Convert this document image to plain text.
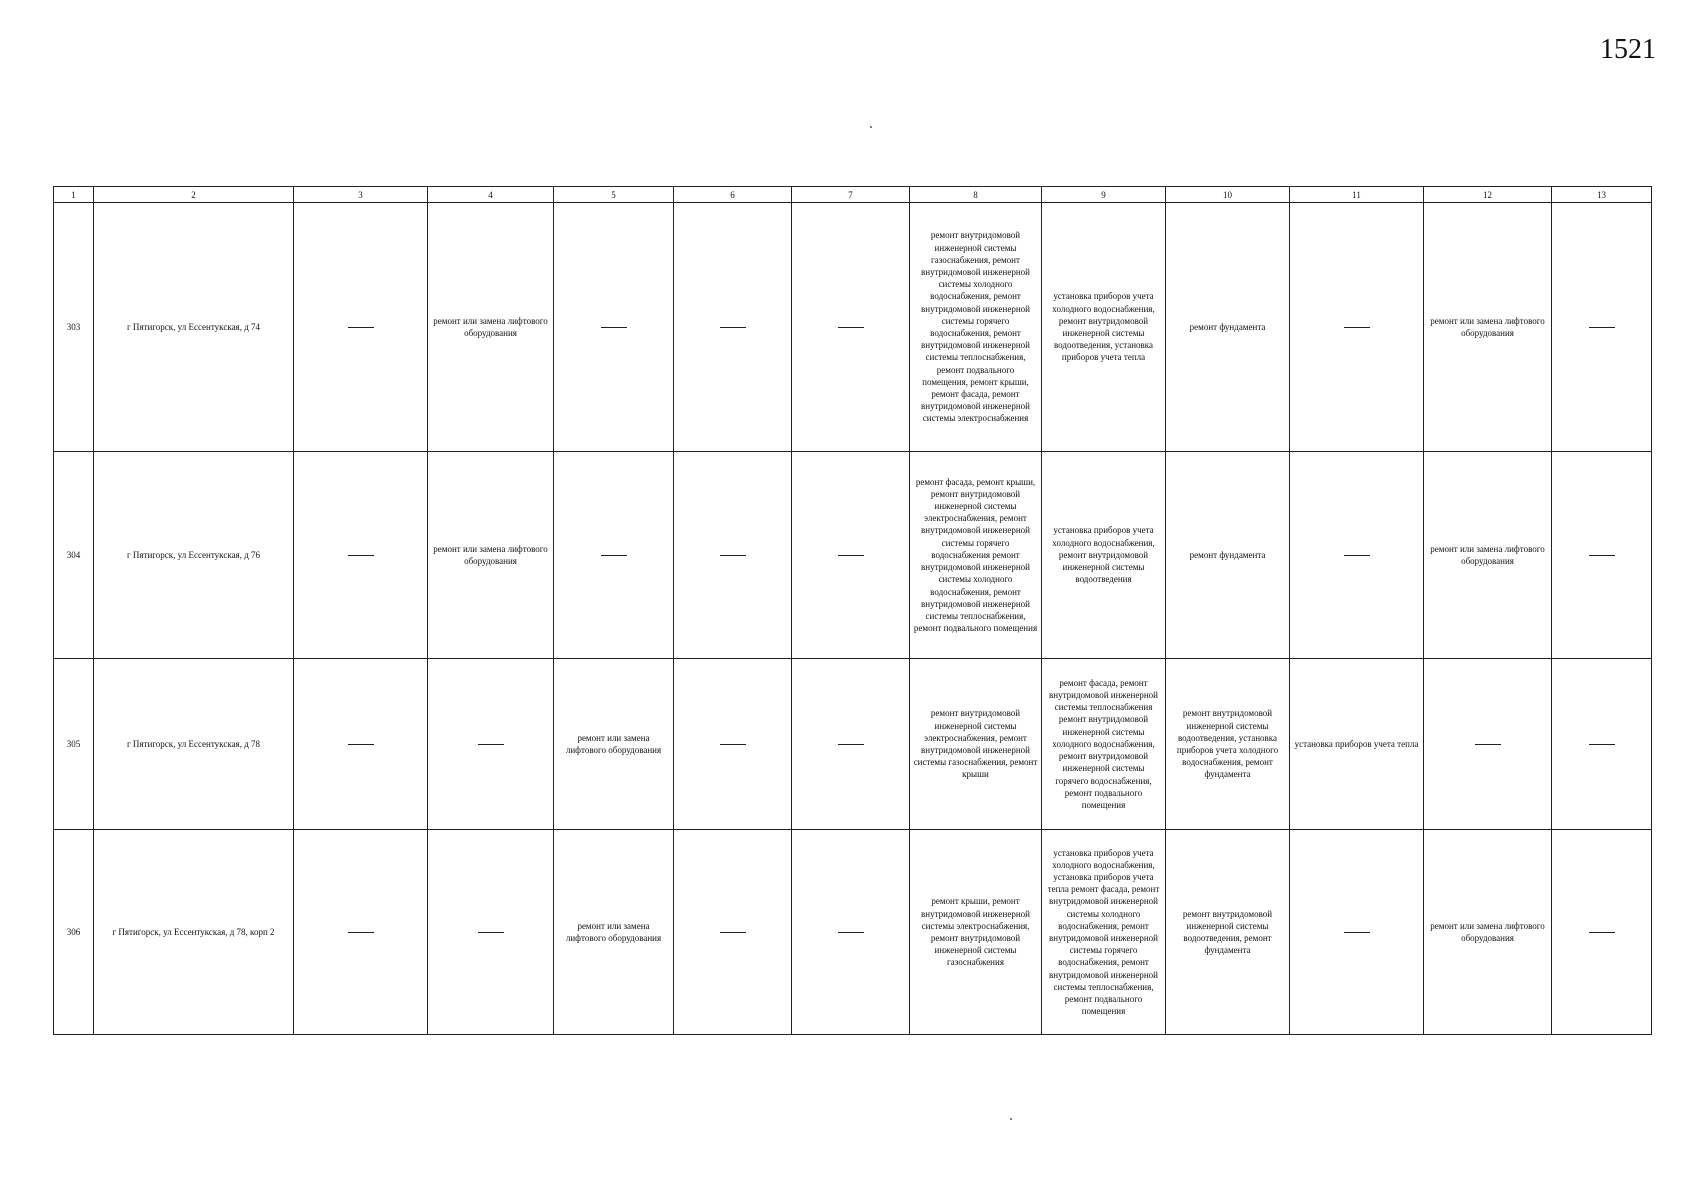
1521
1	2	3	4	5	6	7	8	9	10	11	12	13
303	г Пятигорск, ул Ессентукская, д 74		ремонт или замена лифтового оборудования				ремонт внутридомовой инженерной системы газоснабжения, ремонт внутридомовой инженерной системы холодного водоснабжения, ремонт внутридомовой инженерной системы горячего водоснабжения, ремонт внутридомовой инженерной системы теплоснабжения, ремонт подвального помещения, ремонт крыши, ремонт фасада, ремонт внутридомовой инженерной системы электроснабжения	установка приборов учета холодного водоснабжения, ремонт внутридомовой инженерной системы водоотведения, установка приборов учета тепла	ремонт фундамента		ремонт или замена лифтового оборудования	
304	г Пятигорск, ул Ессентукская, д 76		ремонт или замена лифтового оборудования				ремонт фасада, ремонт крыши, ремонт внутридомовой инженерной системы электроснабжения, ремонт внутридомовой инженерной системы горячего водоснабжения ремонт внутридомовой инженерной системы холодного водоснабжения, ремонт внутридомовой инженерной системы теплоснабжения, ремонт подвального помещения	установка приборов учета холодного водоснабжения, ремонт внутридомовой инженерной системы водоотведения	ремонт фундамента		ремонт или замена лифтового оборудования	
305	г Пятигорск, ул Ессентукская, д 78			ремонт или замена лифтового оборудования			ремонт внутридомовой инженерной системы электроснабжения, ремонт внутридомовой инженерной системы газоснабжения, ремонт крыши	ремонт фасада, ремонт внутридомовой инженерной системы теплоснабжения ремонт внутридомовой инженерной системы холодного водоснабжения, ремонт внутридомовой инженерной системы горячего водоснабжения, ремонт подвального помещения	ремонт внутридомовой инженерной системы водоотведения, установка приборов учета холодного водоснабжения, ремонт фундамента	установка приборов учета тепла		
306	г Пятигорск, ул Ессентукская, д 78, корп 2			ремонт или замена лифтового оборудования			ремонт крыши, ремонт внутридомовой инженерной системы электроснабжения, ремонт внутридомовой инженерной системы газоснабжения	установка приборов учета холодного водоснабжения, установка приборов учета тепла ремонт фасада, ремонт внутридомовой инженерной системы холодного водоснабжения, ремонт внутридомовой инженерной системы горячего водоснабжения, ремонт внутридомовой инженерной системы теплоснабжения, ремонт подвального помещения	ремонт внутридомовой инженерной системы водоотведения, ремонт фундамента		ремонт или замена лифтового оборудования	
